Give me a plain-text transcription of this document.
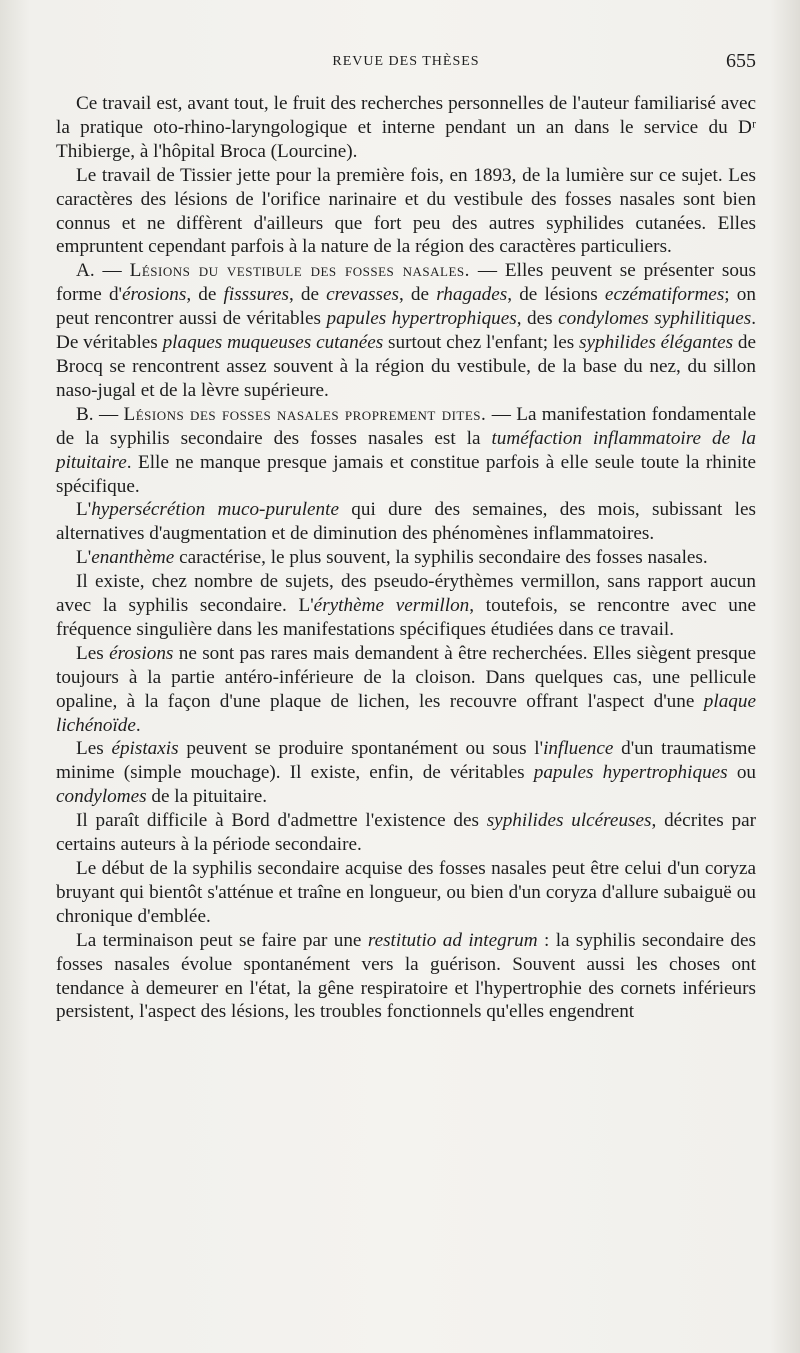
REVUE DES THÈSES	655

Ce travail est, avant tout, le fruit des recherches personnelles de l'auteur familiarisé avec la pratique oto-rhino-laryngologique et interne pendant un an dans le service du Dʳ Thibierge, à l'hôpital Broca (Lourcine).

Le travail de Tissier jette pour la première fois, en 1893, de la lumière sur ce sujet. Les caractères des lésions de l'orifice narinaire et du vestibule des fosses nasales sont bien connus et ne diffèrent d'ailleurs que fort peu des autres syphilides cutanées. Elles empruntent cependant parfois à la nature de la région des caractères particuliers.

A. — Lésions du vestibule des fosses nasales. — Elles peuvent se présenter sous forme d'érosions, de fisssures, de crevasses, de rhagades, de lésions eczématiformes; on peut rencontrer aussi de véritables papules hypertrophiques, des condylomes syphilitiques. De véritables plaques muqueuses cutanées surtout chez l'enfant; les syphilides élégantes de Brocq se rencontrent assez souvent à la région du vestibule, de la base du nez, du sillon naso-jugal et de la lèvre supérieure.

B. — Lésions des fosses nasales proprement dites. — La manifestation fondamentale de la syphilis secondaire des fosses nasales est la tuméfaction inflammatoire de la pituitaire. Elle ne manque presque jamais et constitue parfois à elle seule toute la rhinite spécifique.

L'hypersécrétion muco-purulente qui dure des semaines, des mois, subissant les alternatives d'augmentation et de diminution des phénomènes inflammatoires.

L'enanthème caractérise, le plus souvent, la syphilis secondaire des fosses nasales.

Il existe, chez nombre de sujets, des pseudo-érythèmes vermillon, sans rapport aucun avec la syphilis secondaire. L'érythème vermillon, toutefois, se rencontre avec une fréquence singulière dans les manifestations spécifiques étudiées dans ce travail.

Les érosions ne sont pas rares mais demandent à être recherchées. Elles siègent presque toujours à la partie antéro-inférieure de la cloison. Dans quelques cas, une pellicule opaline, à la façon d'une plaque de lichen, les recouvre offrant l'aspect d'une plaque lichénoïde.

Les épistaxis peuvent se produire spontanément ou sous l'influence d'un traumatisme minime (simple mouchage). Il existe, enfin, de véritables papules hypertrophiques ou condylomes de la pituitaire.

Il paraît difficile à Bord d'admettre l'existence des syphilides ulcéreuses, décrites par certains auteurs à la période secondaire.

Le début de la syphilis secondaire acquise des fosses nasales peut être celui d'un coryza bruyant qui bientôt s'atténue et traîne en longueur, ou bien d'un coryza d'allure subaiguë ou chronique d'emblée.

La terminaison peut se faire par une restitutio ad integrum : la syphilis secondaire des fosses nasales évolue spontanément vers la guérison. Souvent aussi les choses ont tendance à demeurer en l'état, la gêne respiratoire et l'hypertrophie des cornets inférieurs persistent, l'aspect des lésions, les troubles fonctionnels qu'elles engendrent
